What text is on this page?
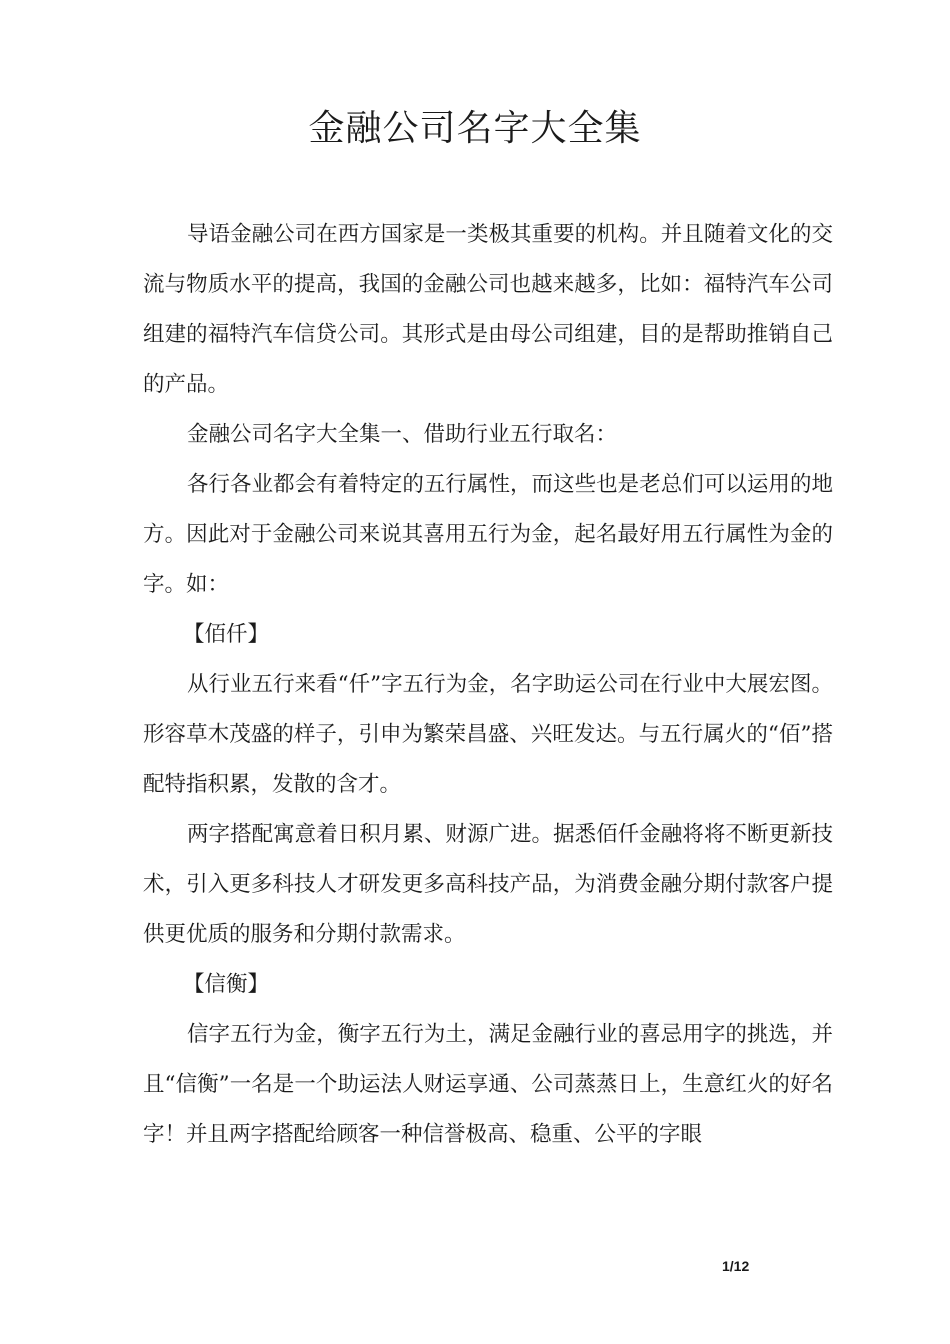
金融公司名字大全集

导语金融公司在西方国家是一类极其重要的机构。并且随着文化的交流与物质水平的提高，我国的金融公司也越来越多，比如：福特汽车公司组建的福特汽车信贷公司。其形式是由母公司组建，目的是帮助推销自己的产品。

金融公司名字大全集一、借助行业五行取名：

各行各业都会有着特定的五行属性，而这些也是老总们可以运用的地方。因此对于金融公司来说其喜用五行为金，起名最好用五行属性为金的字。如：

【佰仟】

从行业五行来看“仟”字五行为金，名字助运公司在行业中大展宏图。形容草木茂盛的样子，引申为繁荣昌盛、兴旺发达。与五行属火的“佰”搭配特指积累，发散的含才。

两字搭配寓意着日积月累、财源广进。据悉佰仟金融将将不断更新技术，引入更多科技人才研发更多高科技产品，为消费金融分期付款客户提供更优质的服务和分期付款需求。

【信衡】

信字五行为金，衡字五行为土，满足金融行业的喜忌用字的挑选，并且“信衡”一名是一个助运法人财运享通、公司蒸蒸日上，生意红火的好名字！并且两字搭配给顾客一种信誉极高、稳重、公平的字眼

1/12
